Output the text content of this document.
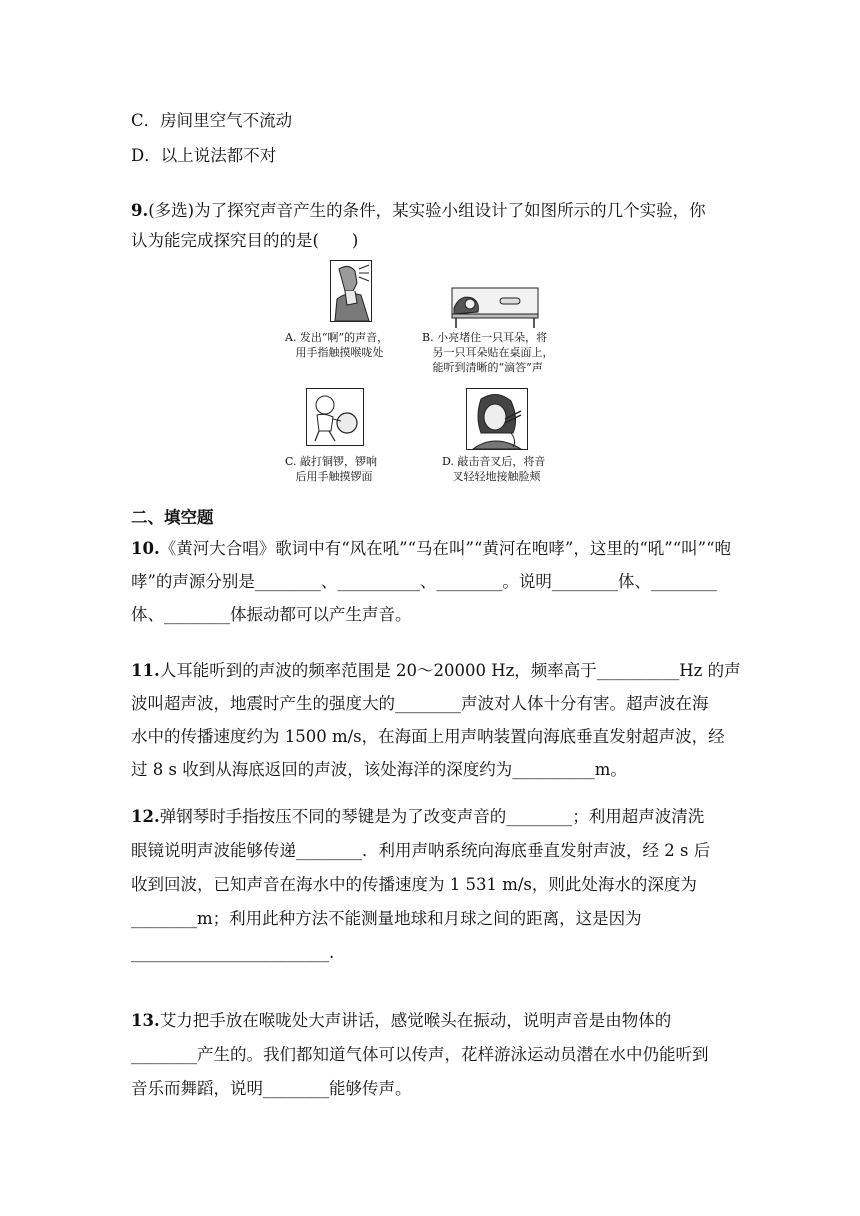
C．房间里空气不流动
D．以上说法都不对
9.(多选)为了探究声音产生的条件，某实验小组设计了如图所示的几个实验，你
认为能完成探究目的的是(　　)
A. 发出“啊”的声音，
用手指触摸喉咙处
B. 小亮堵住一只耳朵，将
另一只耳朵贴在桌面上，
能听到清晰的“滴答”声
C. 敲打铜锣，锣响
后用手触摸锣面
D. 敲击音叉后，将音
叉轻轻地接触脸颊
二、填空题
10.《黄河大合唱》歌词中有“风在吼”“马在叫”“黄河在咆哮”，这里的“吼”“叫”“咆
哮”的声源分别是________、__________、________。说明________体、________
体、________体振动都可以产生声音。
11.人耳能听到的声波的频率范围是 20～20000 Hz，频率高于__________Hz 的声
波叫超声波，地震时产生的强度大的________声波对人体十分有害。超声波在海
水中的传播速度约为 1500 m/s，在海面上用声呐装置向海底垂直发射超声波，经
过 8 s 收到从海底返回的声波，该处海洋的深度约为__________m。
12.弹钢琴时手指按压不同的琴键是为了改变声音的________；利用超声波清洗
眼镜说明声波能够传递________．利用声呐系统向海底垂直发射声波，经 2 s 后
收到回波，已知声音在海水中的传播速度为 1 531 m/s，则此处海水的深度为
________m；利用此种方法不能测量地球和月球之间的距离，这是因为
________________________.
13.艾力把手放在喉咙处大声讲话，感觉喉头在振动，说明声音是由物体的
________产生的。我们都知道气体可以传声，花样游泳运动员潜在水中仍能听到
音乐而舞蹈，说明________能够传声。
